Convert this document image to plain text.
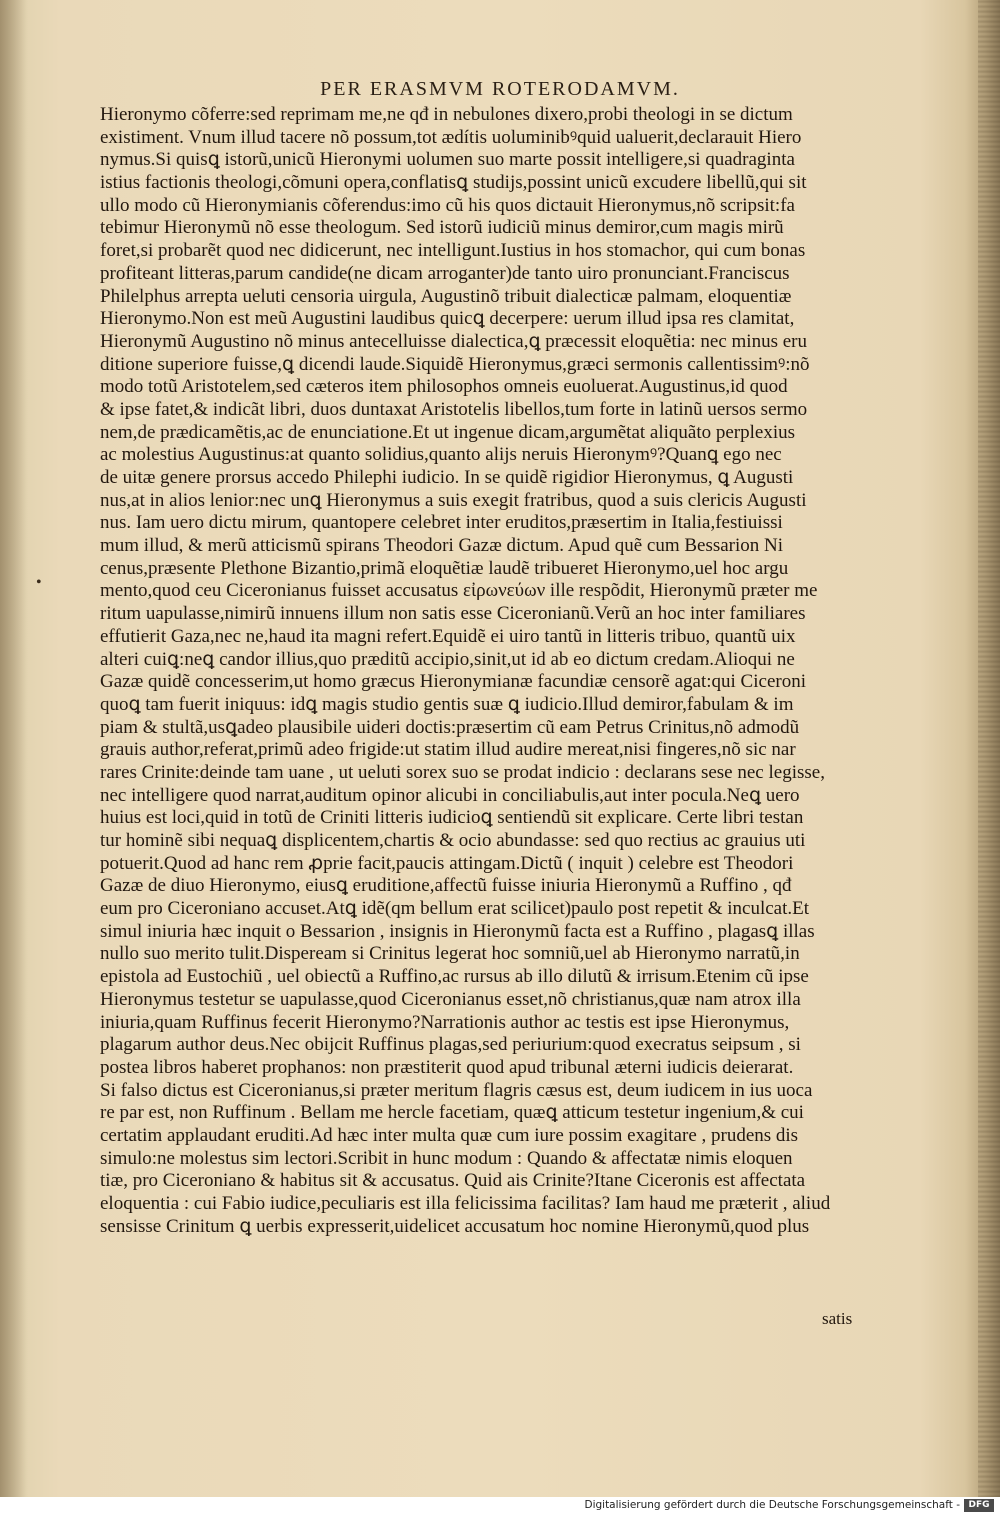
PER ERASMVM ROTERODAMVM.
•
Hieronymo cõferre:sed reprimam me,ne qđ in nebulones dixero,probi theologi in se dictum
existiment. Vnum illud tacere nõ possum,tot ædítis uoluminibꝰquid ualuerit,declarauit Hiero
nymus.Si quisꝗ istorũ,unicũ Hieronymi uolumen suo marte possit intelligere,si quadraginta
istius factionis theologi,cõmuni opera,conflatisꝗ studijs,possint unicũ excudere libellũ,qui sit
ullo modo cũ Hieronymianis cõferendus:imo cũ his quos dictauit Hieronymus,nõ scripsit:fa
tebimur Hieronymũ nõ esse theologum. Sed istorũ iudiciũ minus demiror,cum magis mirũ
foret,si probarẽt quod nec didicerunt, nec intelligunt.Iustius in hos stomachor, qui cum bonas
profiteant litteras,parum candide(ne dicam arroganter)de tanto uiro pronunciant.Franciscus
Philelphus arrepta ueluti censoria uirgula, Augustinõ tribuit dialecticæ palmam, eloquentiæ
Hieronymo.Non est meũ Augustini laudibus quicꝗ decerpere: uerum illud ipsa res clamitat,
Hieronymũ Augustino nõ minus antecelluisse dialectica,ꝗ præcessit eloquẽtia: nec minus eru
ditione superiore fuisse,ꝗ dicendi laude.Siquidẽ Hieronymus,græci sermonis callentissimꝰ:nõ
modo totũ Aristotelem,sed cæteros item philosophos omneis euoluerat.Augustinus,id quod
& ipse fatet,& indicãt libri, duos duntaxat Aristotelis libellos,tum forte in latinũ uersos sermo
nem,de prædicamẽtis,ac de enunciatione.Et ut ingenue dicam,argumẽtat aliquãto perplexius
ac molestius Augustinus:at quanto solidius,quanto alijs neruis Hieronymꝰ?Quanꝗ ego nec
de uitæ genere prorsus accedo Philephi iudicio. In se quidẽ rigidior Hieronymus, ꝗ Augusti
nus,at in alios lenior:nec unꝗ Hieronymus a suis exegit fratribus, quod a suis clericis Augusti
nus. Iam uero dictu mirum, quantopere celebret inter eruditos,præsertim in Italia,festiuissi
mum illud, & merũ atticismũ spirans Theodori Gazæ dictum. Apud quẽ cum Bessarion Ni
cenus,præsente Plethone Bizantio,primã eloquẽtiæ laudẽ tribueret Hieronymo,uel hoc argu
mento,quod ceu Ciceronianus fuisset accusatus εἰρωνεύων ille respõdit, Hieronymũ præter me
ritum uapulasse,nimirũ innuens illum non satis esse Ciceronianũ.Verũ an hoc inter familiares
effutierit Gaza,nec ne,haud ita magni refert.Equidẽ ei uiro tantũ in litteris tribuo, quantũ uix
alteri cuiꝗ:neꝗ candor illius,quo præditũ accipio,sinit,ut id ab eo dictum credam.Alioqui ne
Gazæ quidẽ concesserim,ut homo græcus Hieronymianæ facundiæ censorẽ agat:qui Ciceroni
quoꝗ tam fuerit iniquus: idꝗ magis studio gentis suæ ꝗ iudicio.Illud demiror,fabulam & im
piam & stultã,usꝗadeo plausibile uideri doctis:præsertim cũ eam Petrus Crinitus,nõ admodũ
grauis author,referat,primũ adeo frigide:ut statim illud audire mereat,nisi fingeres,nõ sic nar
rares Crinite:deinde tam uane , ut ueluti sorex suo se prodat indicio : declarans sese nec legisse,
nec intelligere quod narrat,auditum opinor alicubi in conciliabulis,aut inter pocula.Neꝗ uero
huius est loci,quid in totũ de Criniti litteris iudicioꝗ sentiendũ sit explicare. Certe libri testan
tur hominẽ sibi nequaꝗ displicentem,chartis & ocio abundasse: sed quo rectius ac grauius uti
potuerit.Quod ad hanc rem ꝓprie facit,paucis attingam.Dictũ ( inquit ) celebre est Theodori
Gazæ de diuo Hieronymo, eiusꝗ eruditione,affectũ fuisse iniuria Hieronymũ a Ruffino , qđ
eum pro Ciceroniano accuset.Atꝗ idẽ(qm bellum erat scilicet)paulo post repetit & inculcat.Et
simul iniuria hæc inquit o Bessarion , insignis in Hieronymũ facta est a Ruffino , plagasꝗ illas
nullo suo merito tulit.Dispeream si Crinitus legerat hoc somniũ,uel ab Hieronymo narratũ,in
epistola ad Eustochiũ , uel obiectũ a Ruffino,ac rursus ab illo dilutũ & irrisum.Etenim cũ ipse
Hieronymus testetur se uapulasse,quod Ciceronianus esset,nõ christianus,quæ nam atrox illa
iniuria,quam Ruffinus fecerit Hieronymo?Narrationis author ac testis est ipse Hieronymus,
plagarum author deus.Nec obijcit Ruffinus plagas,sed periurium:quod execratus seipsum , si
postea libros haberet prophanos: non præstiterit quod apud tribunal æterni iudicis deierarat.
Si falso dictus est Ciceronianus,si præter meritum flagris cæsus est, deum iudicem in ius uoca
re par est, non Ruffinum . Bellam me hercle facetiam, quæꝗ atticum testetur ingenium,& cui
certatim applaudant eruditi.Ad hæc inter multa quæ cum iure possim exagitare , prudens dis
simulo:ne molestus sim lectori.Scribit in hunc modum : Quando & affectatæ nimis eloquen
tiæ, pro Ciceroniano & habitus sit & accusatus. Quid ais Crinite?Itane Ciceronis est affectata
eloquentia : cui Fabio iudice,peculiaris est illa felicissima facilitas? Iam haud me præterit , aliud
sensisse Crinitum ꝗ uerbis expresserit,uidelicet accusatum hoc nomine Hieronymũ,quod plus
satis
Digitalisierung gefördert durch die Deutsche Forschungsgemeinschaft - DFG
